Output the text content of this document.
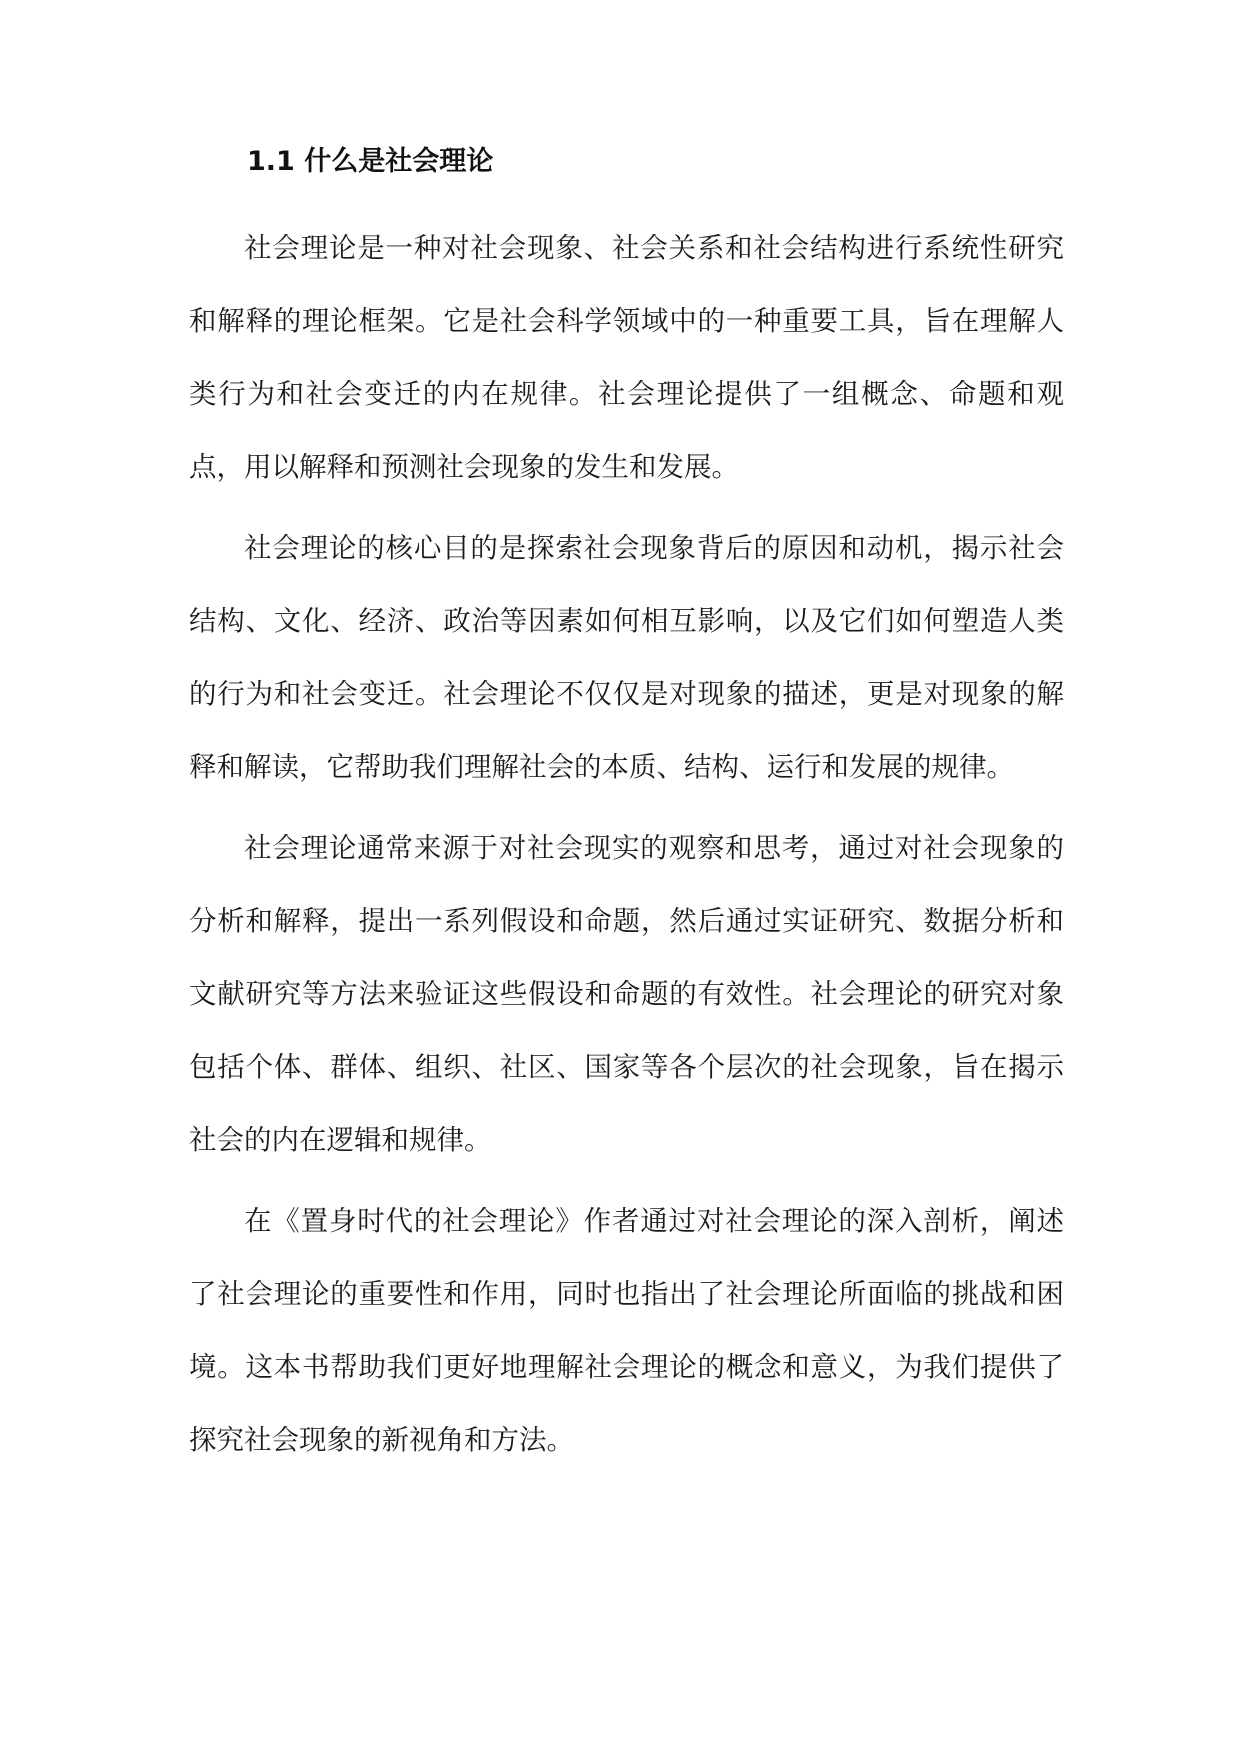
1.1 什么是社会理论

社会理论是一种对社会现象、社会关系和社会结构进行系统性研究和解释的理论框架。它是社会科学领域中的一种重要工具，旨在理解人类行为和社会变迁的内在规律。社会理论提供了一组概念、命题和观点，用以解释和预测社会现象的发生和发展。

社会理论的核心目的是探索社会现象背后的原因和动机，揭示社会结构、文化、经济、政治等因素如何相互影响，以及它们如何塑造人类的行为和社会变迁。社会理论不仅仅是对现象的描述，更是对现象的解释和解读，它帮助我们理解社会的本质、结构、运行和发展的规律。

社会理论通常来源于对社会现实的观察和思考，通过对社会现象的分析和解释，提出一系列假设和命题，然后通过实证研究、数据分析和文献研究等方法来验证这些假设和命题的有效性。社会理论的研究对象包括个体、群体、组织、社区、国家等各个层次的社会现象，旨在揭示社会的内在逻辑和规律。

在《置身时代的社会理论》作者通过对社会理论的深入剖析，阐述了社会理论的重要性和作用，同时也指出了社会理论所面临的挑战和困境。这本书帮助我们更好地理解社会理论的概念和意义，为我们提供了探究社会现象的新视角和方法。
